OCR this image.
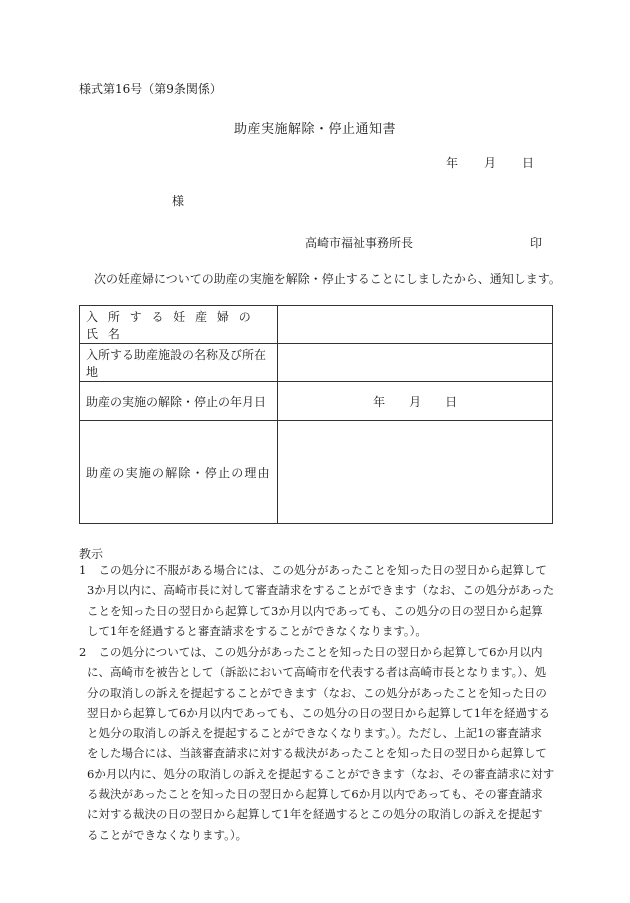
様式第16号（第9条関係）
助産実施解除・停止通知書
年 月 日
様
高崎市福祉事務所長	印
次の妊産婦についての助産の実施を解除・停止することにしましたから、通知します。
入 所 す る 妊 産 婦 の 氏 名	
入所する助産施設の名称及び所在地	
助産の実施の解除・停止の年月日	年　　月　　日
助産の実施の解除・停止の理由	
教示
1 　この処分に不服がある場合には、この処分があったことを知った日の翌日から起算して
3か月以内に、高崎市長に対して審査請求をすることができます（なお、この処分があった
ことを知った日の翌日から起算して3か月以内であっても、この処分の日の翌日から起算
して1年を経過すると審査請求をすることができなくなります。）。
2 　この処分については、この処分があったことを知った日の翌日から起算して6か月以内
に、高崎市を被告として（訴訟において高崎市を代表する者は高崎市長となります。）、処
分の取消しの訴えを提起することができます（なお、この処分があったことを知った日の
翌日から起算して6か月以内であっても、この処分の日の翌日から起算して1年を経過する
と処分の取消しの訴えを提起することができなくなります。）。ただし、上記1の審査請求
をした場合には、当該審査請求に対する裁決があったことを知った日の翌日から起算して
6か月以内に、処分の取消しの訴えを提起することができます（なお、その審査請求に対す
る裁決があったことを知った日の翌日から起算して6か月以内であっても、その審査請求
に対する裁決の日の翌日から起算して1年を経過するとこの処分の取消しの訴えを提起す
ることができなくなります。）。
